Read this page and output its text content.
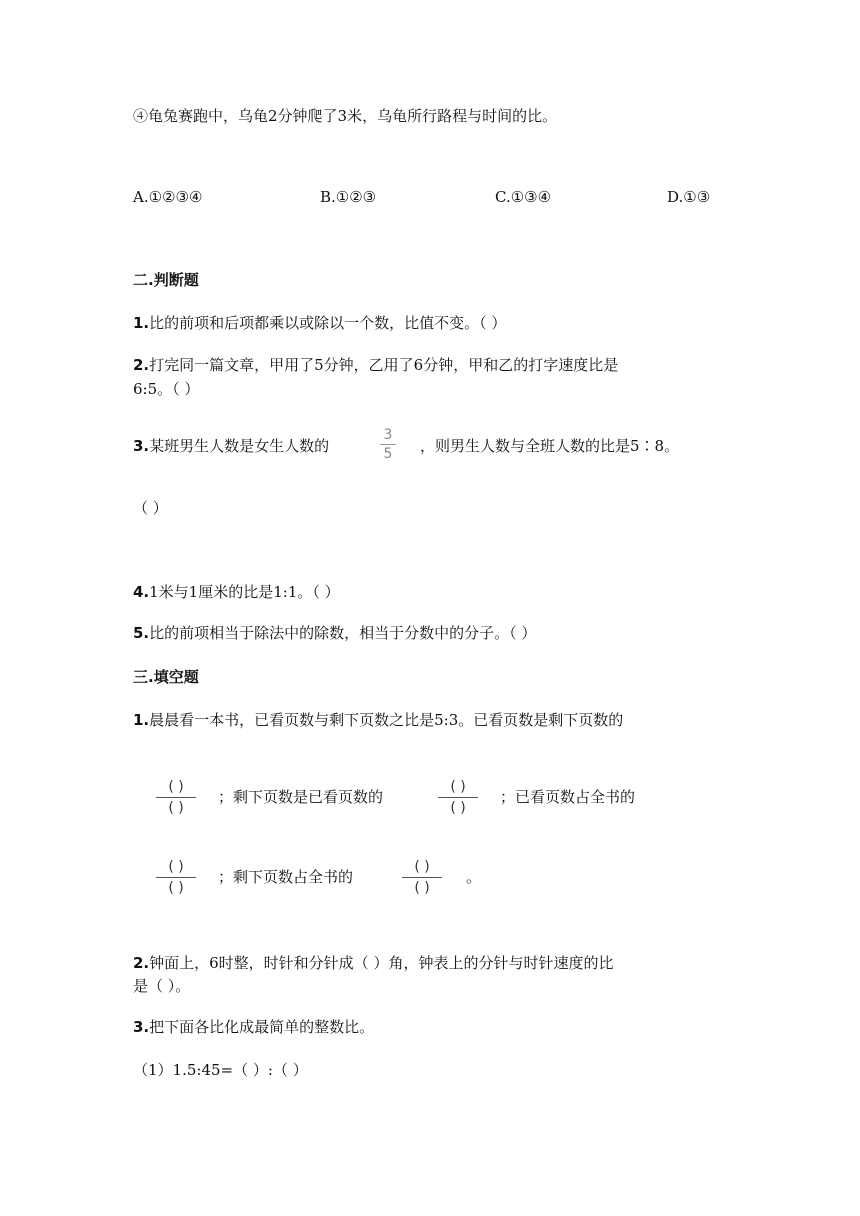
④龟兔赛跑中，乌龟2分钟爬了3米，乌龟所行路程与时间的比。
A.①②③④	B.①②③	C.①③④	D.①③
二.判断题
1.比的前项和后项都乘以或除以一个数，比值不变。（ ）
2.打完同一篇文章，甲用了5分钟，乙用了6分钟，甲和乙的打字速度比是
6:5。（ ）
3.某班男生人数是女生人数的
3
5 ，则男生人数与全班人数的比是5∶8。
（ ）
4.1米与1厘米的比是1:1。（ ）
5.比的前项相当于除法中的除数，相当于分数中的分子。（ ）
三.填空题
1.晨晨看一本书，已看页数与剩下页数之比是5:3。已看页数是剩下页数的
( )
( )
；剩下页数是已看页数的
( )
( )
；已看页数占全书的
( )
( )
；剩下页数占全书的
( )
( )
。
2.钟面上，6时整，时针和分针成（ ）角，钟表上的分针与时针速度的比
是（ ）。
3.把下面各比化成最简单的整数比。
（1）1.5:45=（ ）:（ ）
